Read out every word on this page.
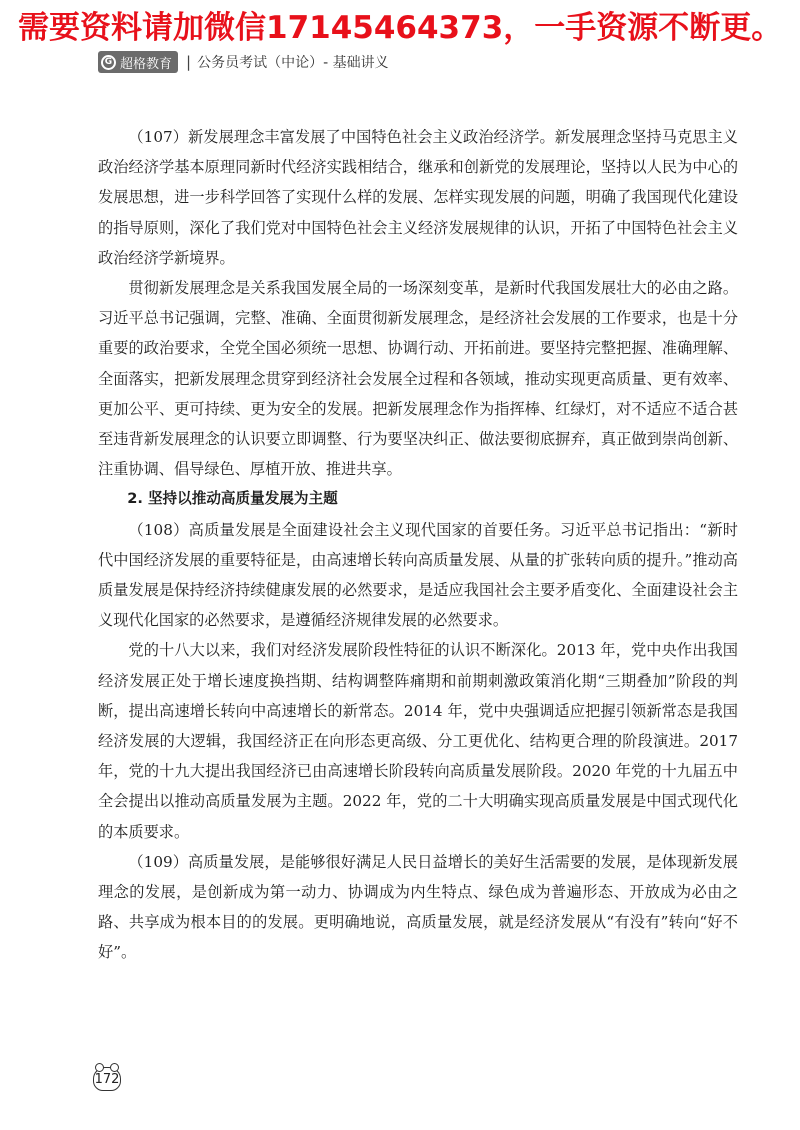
需要资料请加微信17145464373，一手资源不断更。
G 超格教育 | 公务员考试（中论）- 基础讲义

（107）新发展理念丰富发展了中国特色社会主义政治经济学。新发展理念坚持马克思主义政治经济学基本原理同新时代经济实践相结合，继承和创新党的发展理论，坚持以人民为中心的发展思想，进一步科学回答了实现什么样的发展、怎样实现发展的问题，明确了我国现代化建设的指导原则，深化了我们党对中国特色社会主义经济发展规律的认识，开拓了中国特色社会主义政治经济学新境界。

贯彻新发展理念是关系我国发展全局的一场深刻变革，是新时代我国发展壮大的必由之路。习近平总书记强调，完整、准确、全面贯彻新发展理念，是经济社会发展的工作要求，也是十分重要的政治要求，全党全国必须统一思想、协调行动、开拓前进。要坚持完整把握、准确理解、全面落实，把新发展理念贯穿到经济社会发展全过程和各领域，推动实现更高质量、更有效率、更加公平、更可持续、更为安全的发展。把新发展理念作为指挥棒、红绿灯，对不适应不适合甚至违背新发展理念的认识要立即调整、行为要坚决纠正、做法要彻底摒弃，真正做到崇尚创新、注重协调、倡导绿色、厚植开放、推进共享。

2. 坚持以推动高质量发展为主题

（108）高质量发展是全面建设社会主义现代国家的首要任务。习近平总书记指出：“新时代中国经济发展的重要特征是，由高速增长转向高质量发展、从量的扩张转向质的提升。”推动高质量发展是保持经济持续健康发展的必然要求，是适应我国社会主要矛盾变化、全面建设社会主义现代化国家的必然要求，是遵循经济规律发展的必然要求。

党的十八大以来，我们对经济发展阶段性特征的认识不断深化。2013 年，党中央作出我国经济发展正处于增长速度换挡期、结构调整阵痛期和前期刺激政策消化期“三期叠加”阶段的判断，提出高速增长转向中高速增长的新常态。2014 年，党中央强调适应把握引领新常态是我国经济发展的大逻辑，我国经济正在向形态更高级、分工更优化、结构更合理的阶段演进。2017 年，党的十九大提出我国经济已由高速增长阶段转向高质量发展阶段。2020 年党的十九届五中全会提出以推动高质量发展为主题。2022 年，党的二十大明确实现高质量发展是中国式现代化的本质要求。

（109）高质量发展，是能够很好满足人民日益增长的美好生活需要的发展，是体现新发展理念的发展，是创新成为第一动力、协调成为内生特点、绿色成为普遍形态、开放成为必由之路、共享成为根本目的的发展。更明确地说，高质量发展，就是经济发展从“有没有”转向“好不好”。

172
